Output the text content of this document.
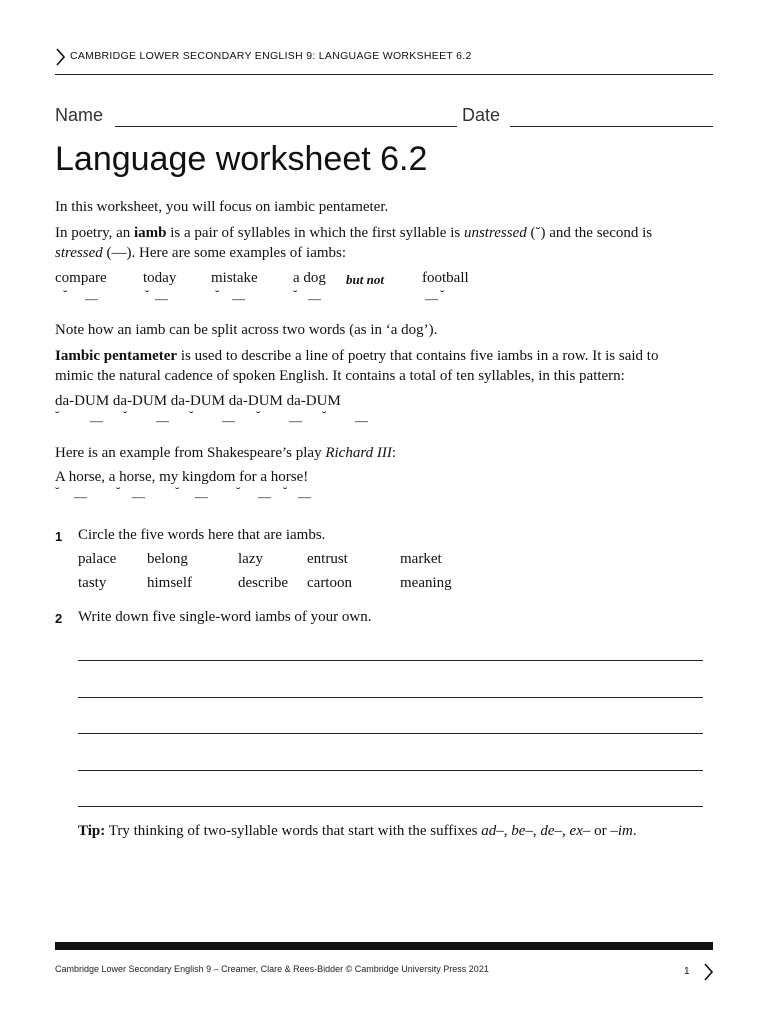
CAMBRIDGE LOWER SECONDARY ENGLISH 9: LANGUAGE WORKSHEET 6.2
Name	Date
Language worksheet 6.2
In this worksheet, you will focus on iambic pentameter.
In poetry, an iamb is a pair of syllables in which the first syllable is unstressed (˘) and the second is
stressed (—). Here are some examples of iambs:
compare today mistake a dog but not	football
˘ —	˘ —	˘ —	˘ —	— ˘
Note how an iamb can be split across two words (as in ‘a dog’).
Iambic pentameter is used to describe a line of poetry that contains five iambs in a row. It is said to
mimic the natural cadence of spoken English. It contains a total of ten syllables, in this pattern:
da-DUM da-DUM da-DUM da-DUM da-DUM
˘ — ˘ — ˘ — ˘ — ˘ —
Here is an example from Shakespeare’s play Richard III:
A horse, a horse, my kingdom for a horse!
˘ — ˘ — ˘ — ˘ — ˘ —
1 Circle the five words here that are iambs.
palace belong	lazy	entrust	market
tasty	himself	describe cartoon	meaning
2 Write down five single-word iambs of your own.
Tip: Try thinking of two-syllable words that start with the suffixes ad–, be–, de–, ex– or –im.
Cambridge Lower Secondary English 9 – Creamer, Clare & Rees-Bidder © Cambridge University Press 2021	1
